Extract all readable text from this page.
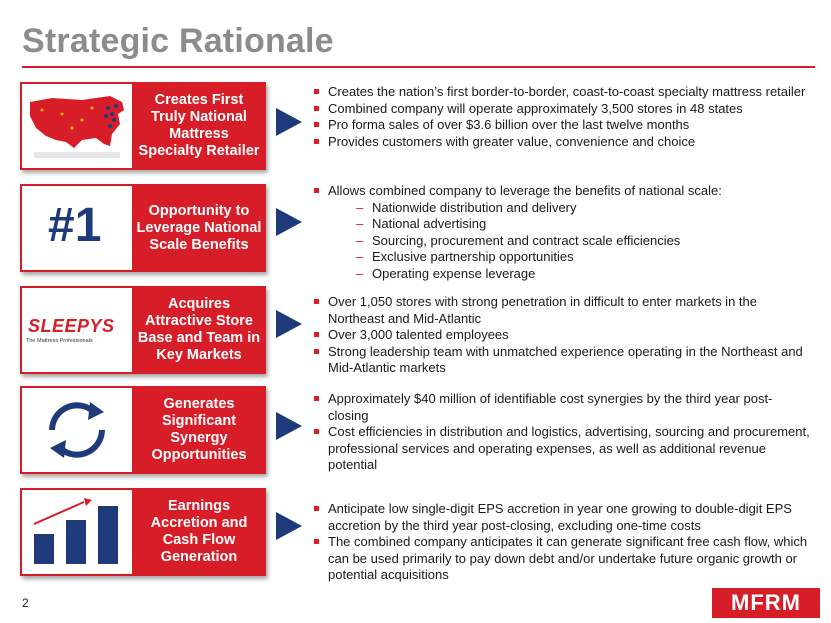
Strategic Rationale
Creates First Truly National Mattress Specialty Retailer
Creates the nation’s first border-to-border, coast-to-coast specialty mattress retailer
Combined company will operate approximately 3,500 stores in 48 states
Pro forma sales of over $3.6 billion over the last twelve months
Provides customers with greater value, convenience and choice
#1	Opportunity to Leverage National Scale Benefits
Allows combined company to leverage the benefits of national scale:
– Nationwide distribution and delivery
– National advertising
– Sourcing, procurement and contract scale efficiencies
– Exclusive partnership opportunities
– Operating expense leverage
SLEEPYS
The Mattress Professionals
Acquires Attractive Store Base and Team in Key Markets
Over 1,050 stores with strong penetration in difficult to enter markets in the Northeast and Mid-Atlantic
Over 3,000 talented employees
Strong leadership team with unmatched experience operating in the Northeast and Mid-Atlantic markets
Generates Significant Synergy Opportunities
Approximately $40 million of identifiable cost synergies by the third year post-closing
Cost efficiencies in distribution and logistics, advertising, sourcing and procurement, professional services and operating expenses, as well as additional revenue potential
Earnings Accretion and Cash Flow Generation
Anticipate low single-digit EPS accretion in year one growing to double-digit EPS accretion by the third year post-closing, excluding one-time costs
The combined company anticipates it can generate significant free cash flow, which can be used primarily to pay down debt and/or undertake future organic growth or potential acquisitions
2	MFRM
